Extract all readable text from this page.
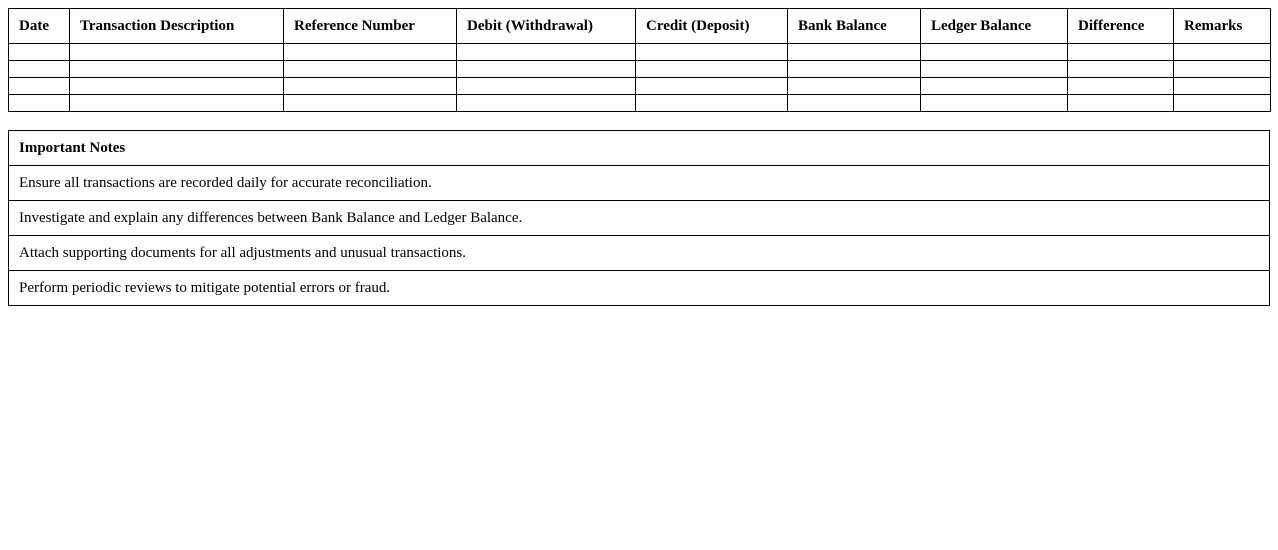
Date	Transaction Description	Reference Number	Debit (Withdrawal)	Credit (Deposit)	Bank Balance	Ledger Balance	Difference	Remarks

Important Notes
Ensure all transactions are recorded daily for accurate reconciliation.
Investigate and explain any differences between Bank Balance and Ledger Balance.
Attach supporting documents for all adjustments and unusual transactions.
Perform periodic reviews to mitigate potential errors or fraud.
